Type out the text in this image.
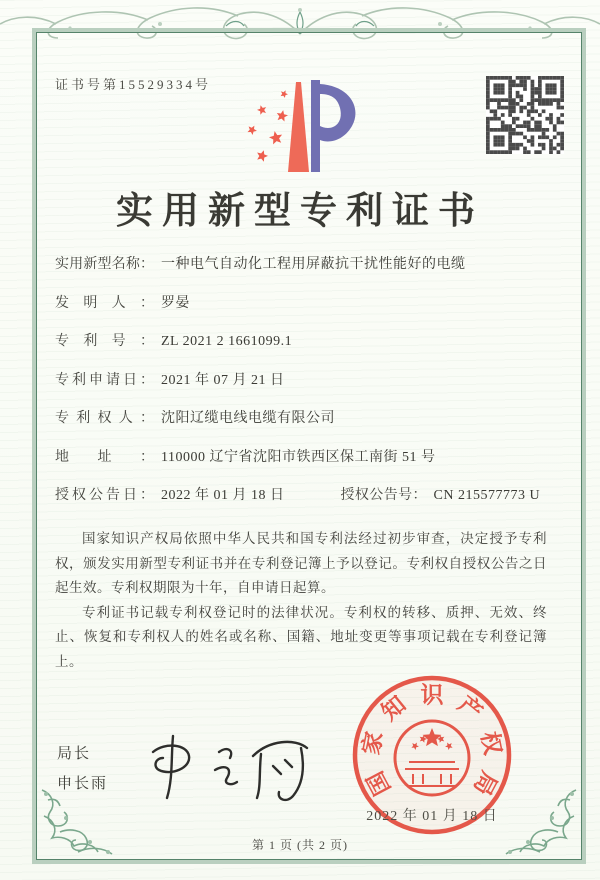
证书号第15529334号
实用新型专利证书
实用新型名称： 一种电气自动化工程用屏蔽抗干扰性能好的电缆
发明人： 罗晏
专利号： ZL 2021 2 1661099.1
专利申请日： 2021 年 07 月 21 日
专利权人： 沈阳辽缆电线电缆有限公司
地址： 110000 辽宁省沈阳市铁西区保工南街 51 号
授权公告日： 2022 年 01 月 18 日	授权公告号： CN 215577773 U

国家知识产权局依照中华人民共和国专利法经过初步审查，决定授予专利权，颁发实用新型专利证书并在专利登记簿上予以登记。专利权自授权公告之日起生效。专利权期限为十年，自申请日起算。

专利证书记载专利权登记时的法律状况。专利权的转移、质押、无效、终止、恢复和专利权人的姓名或名称、国籍、地址变更等事项记载在专利登记簿上。

局长
申长雨	国
家
知 识 产
权
局
2022 年 01 月 18 日
第 1 页 (共 2 页)
